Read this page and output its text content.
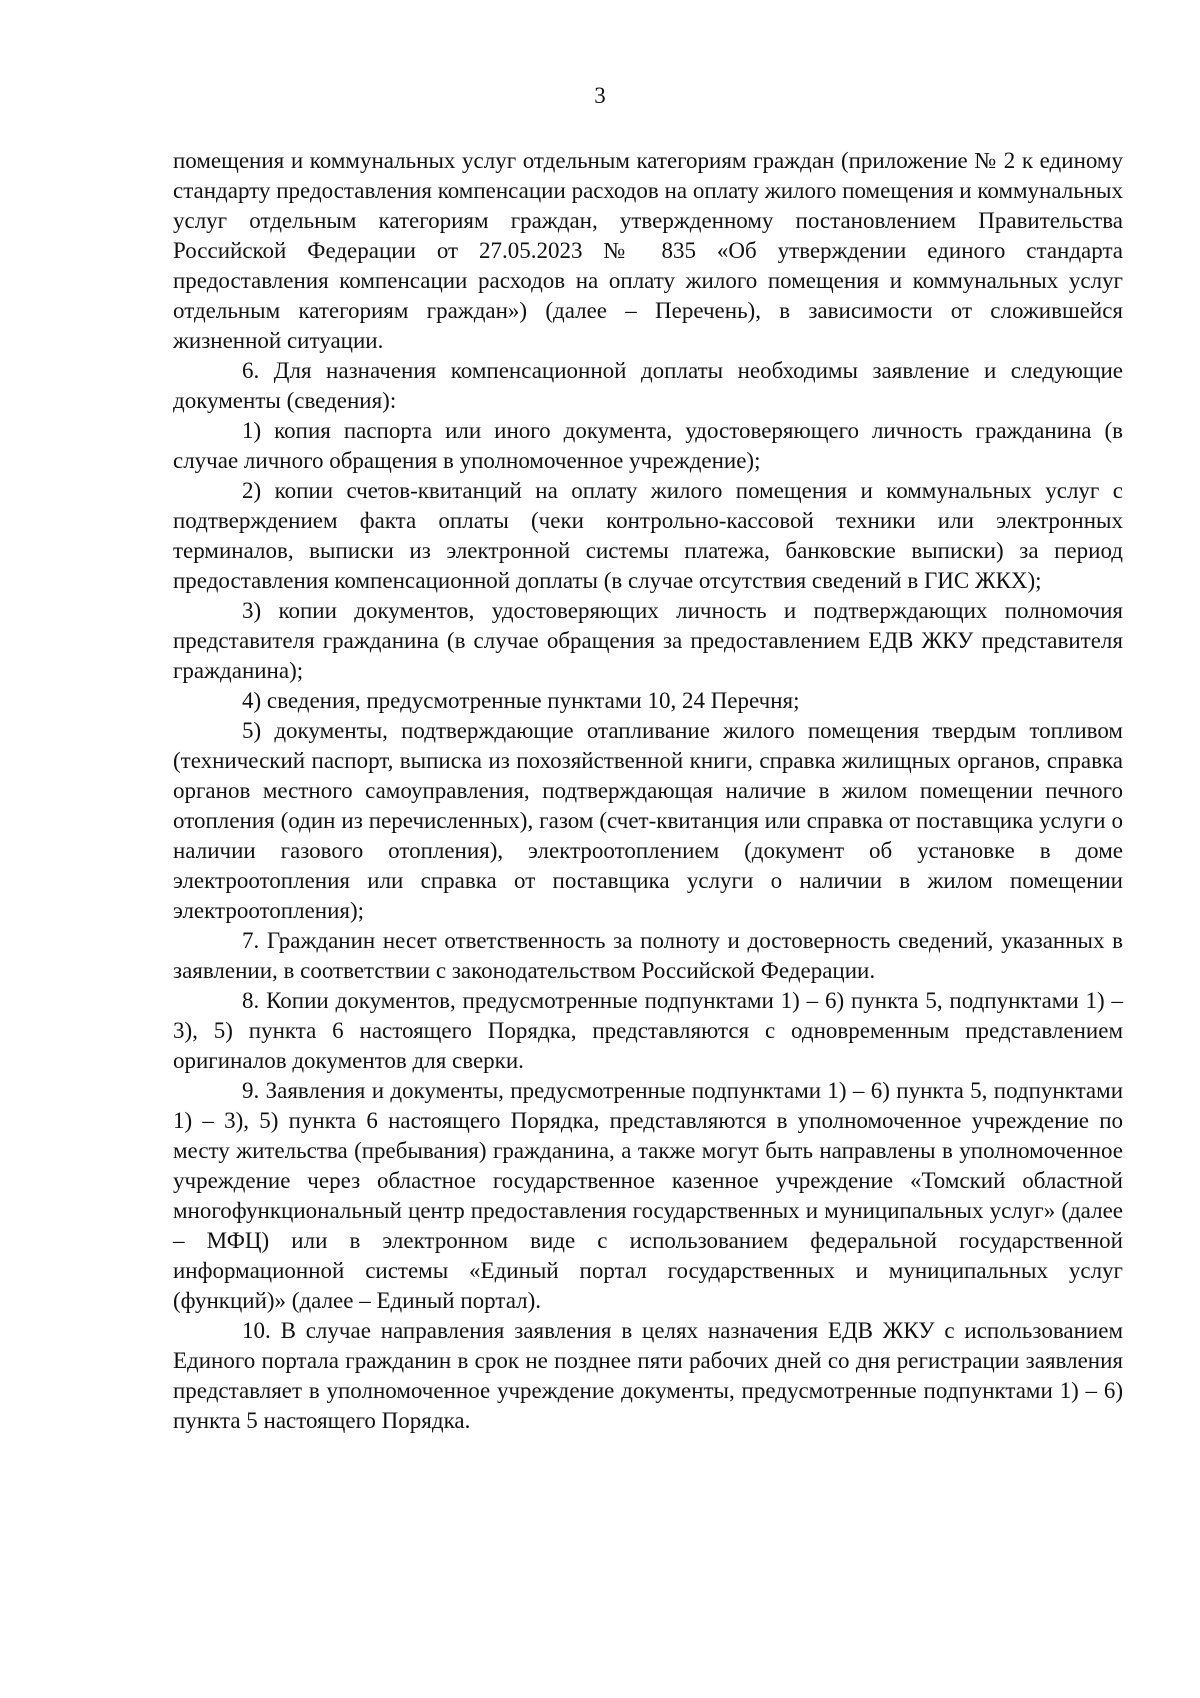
3

помещения и коммунальных услуг отдельным категориям граждан (приложение № 2 к единому стандарту предоставления компенсации расходов на оплату жилого помещения и коммунальных услуг отдельным категориям граждан, утвержденному постановлением Правительства Российской Федерации от 27.05.2023 № 835 «Об утверждении единого стандарта предоставления компенсации расходов на оплату жилого помещения и коммунальных услуг отдельным категориям граждан») (далее – Перечень), в зависимости от сложившейся жизненной ситуации.

6. Для назначения компенсационной доплаты необходимы заявление и следующие документы (сведения):

1) копия паспорта или иного документа, удостоверяющего личность гражданина (в случае личного обращения в уполномоченное учреждение);

2) копии счетов-квитанций на оплату жилого помещения и коммунальных услуг с подтверждением факта оплаты (чеки контрольно-кассовой техники или электронных терминалов, выписки из электронной системы платежа, банковские выписки) за период предоставления компенсационной доплаты (в случае отсутствия сведений в ГИС ЖКХ);

3) копии документов, удостоверяющих личность и подтверждающих полномочия представителя гражданина (в случае обращения за предоставлением ЕДВ ЖКУ представителя гражданина);

4) сведения, предусмотренные пунктами 10, 24 Перечня;

5) документы, подтверждающие отапливание жилого помещения твердым топливом (технический паспорт, выписка из похозяйственной книги, справка жилищных органов, справка органов местного самоуправления, подтверждающая наличие в жилом помещении печного отопления (один из перечисленных), газом (счет-квитанция или справка от поставщика услуги о наличии газового отопления), электроотоплением (документ об установке в доме электроотопления или справка от поставщика услуги о наличии в жилом помещении электроотопления);

7. Гражданин несет ответственность за полноту и достоверность сведений, указанных в заявлении, в соответствии с законодательством Российской Федерации.

8. Копии документов, предусмотренные подпунктами 1) – 6) пункта 5, подпунктами 1) – 3), 5) пункта 6 настоящего Порядка, представляются с одновременным представлением оригиналов документов для сверки.

9. Заявления и документы, предусмотренные подпунктами 1) – 6) пункта 5, подпунктами 1) – 3), 5) пункта 6 настоящего Порядка, представляются в уполномоченное учреждение по месту жительства (пребывания) гражданина, а также могут быть направлены в уполномоченное учреждение через областное государственное казенное учреждение «Томский областной многофункциональный центр предоставления государственных и муниципальных услуг» (далее – МФЦ) или в электронном виде с использованием федеральной государственной информационной системы «Единый портал государственных и муниципальных услуг (функций)» (далее – Единый портал).

10. В случае направления заявления в целях назначения ЕДВ ЖКУ с использованием Единого портала гражданин в срок не позднее пяти рабочих дней со дня регистрации заявления представляет в уполномоченное учреждение документы, предусмотренные подпунктами 1) – 6) пункта 5 настоящего Порядка.
